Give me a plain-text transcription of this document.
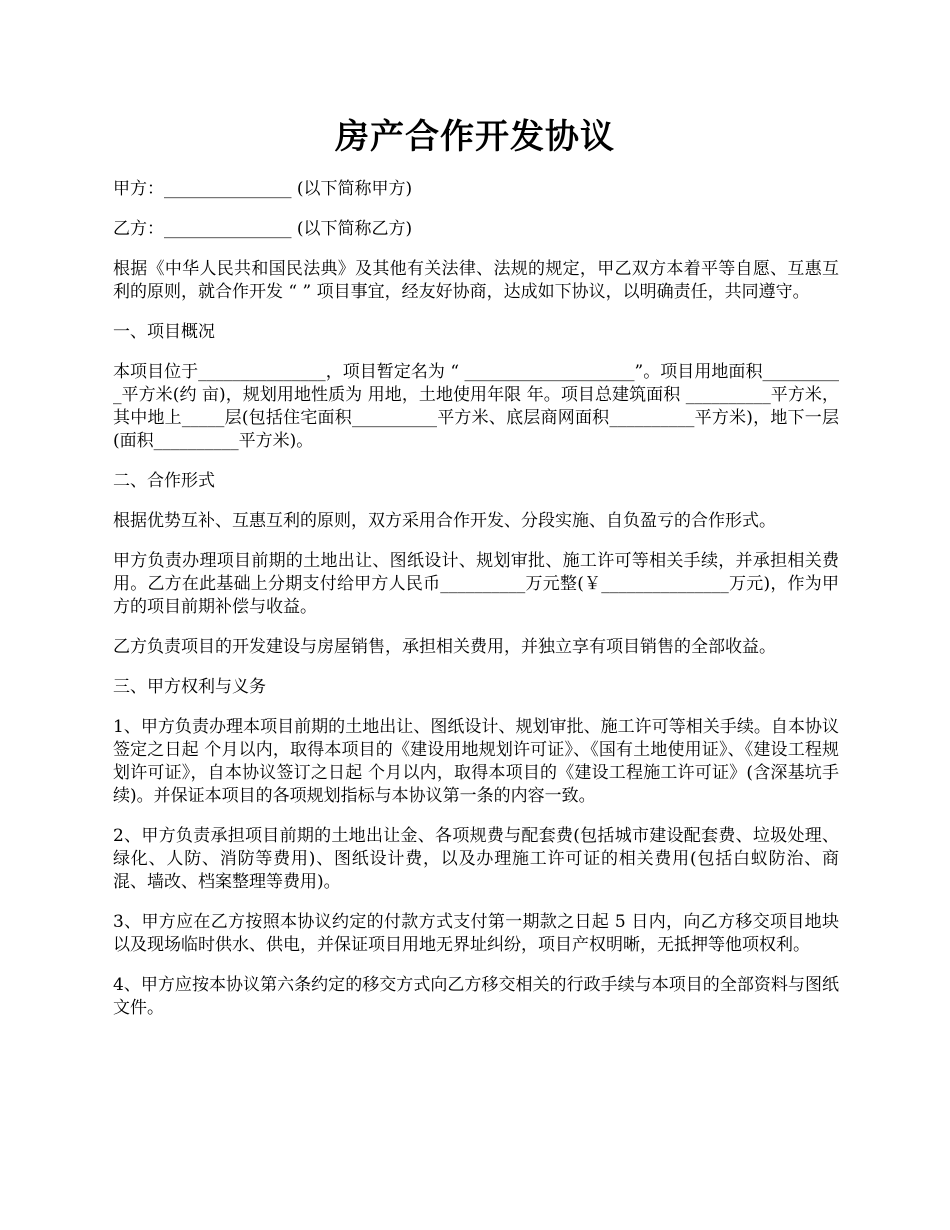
房产合作开发协议

甲方：_______________ (以下简称甲方)

乙方：_______________ (以下简称乙方)

根据《中华人民共和国民法典》及其他有关法律、法规的规定，甲乙双方本着平等自愿、互惠互利的原则，就合作开发 “ ” 项目事宜，经友好协商，达成如下协议，以明确责任，共同遵守。

一、项目概况

本项目位于_______________，项目暂定名为 “ ____________________”。项目用地面积__________平方米(约 亩)，规划用地性质为 用地，土地使用年限 年。项目总建筑面积 __________平方米，其中地上_____层(包括住宅面积__________平方米、底层商网面积__________平方米)，地下一层(面积__________平方米)。

二、合作形式

根据优势互补、互惠互利的原则，双方采用合作开发、分段实施、自负盈亏的合作形式。

甲方负责办理项目前期的土地出让、图纸设计、规划审批、施工许可等相关手续，并承担相关费用。乙方在此基础上分期支付给甲方人民币__________万元整(￥_______________万元)，作为甲方的项目前期补偿与收益。

乙方负责项目的开发建设与房屋销售，承担相关费用，并独立享有项目销售的全部收益。

三、甲方权利与义务

1、甲方负责办理本项目前期的土地出让、图纸设计、规划审批、施工许可等相关手续。自本协议签定之日起 个月以内，取得本项目的《建设用地规划许可证》、《国有土地使用证》、《建设工程规划许可证》，自本协议签订之日起 个月以内，取得本项目的《建设工程施工许可证》(含深基坑手续)。并保证本项目的各项规划指标与本协议第一条的内容一致。

2、甲方负责承担项目前期的土地出让金、各项规费与配套费(包括城市建设配套费、垃圾处理、绿化、人防、消防等费用)、图纸设计费，以及办理施工许可证的相关费用(包括白蚁防治、商混、墙改、档案整理等费用)。

3、甲方应在乙方按照本协议约定的付款方式支付第一期款之日起 5 日内，向乙方移交项目地块以及现场临时供水、供电，并保证项目用地无界址纠纷，项目产权明晰，无抵押等他项权利。

4、甲方应按本协议第六条约定的移交方式向乙方移交相关的行政手续与本项目的全部资料与图纸文件。
